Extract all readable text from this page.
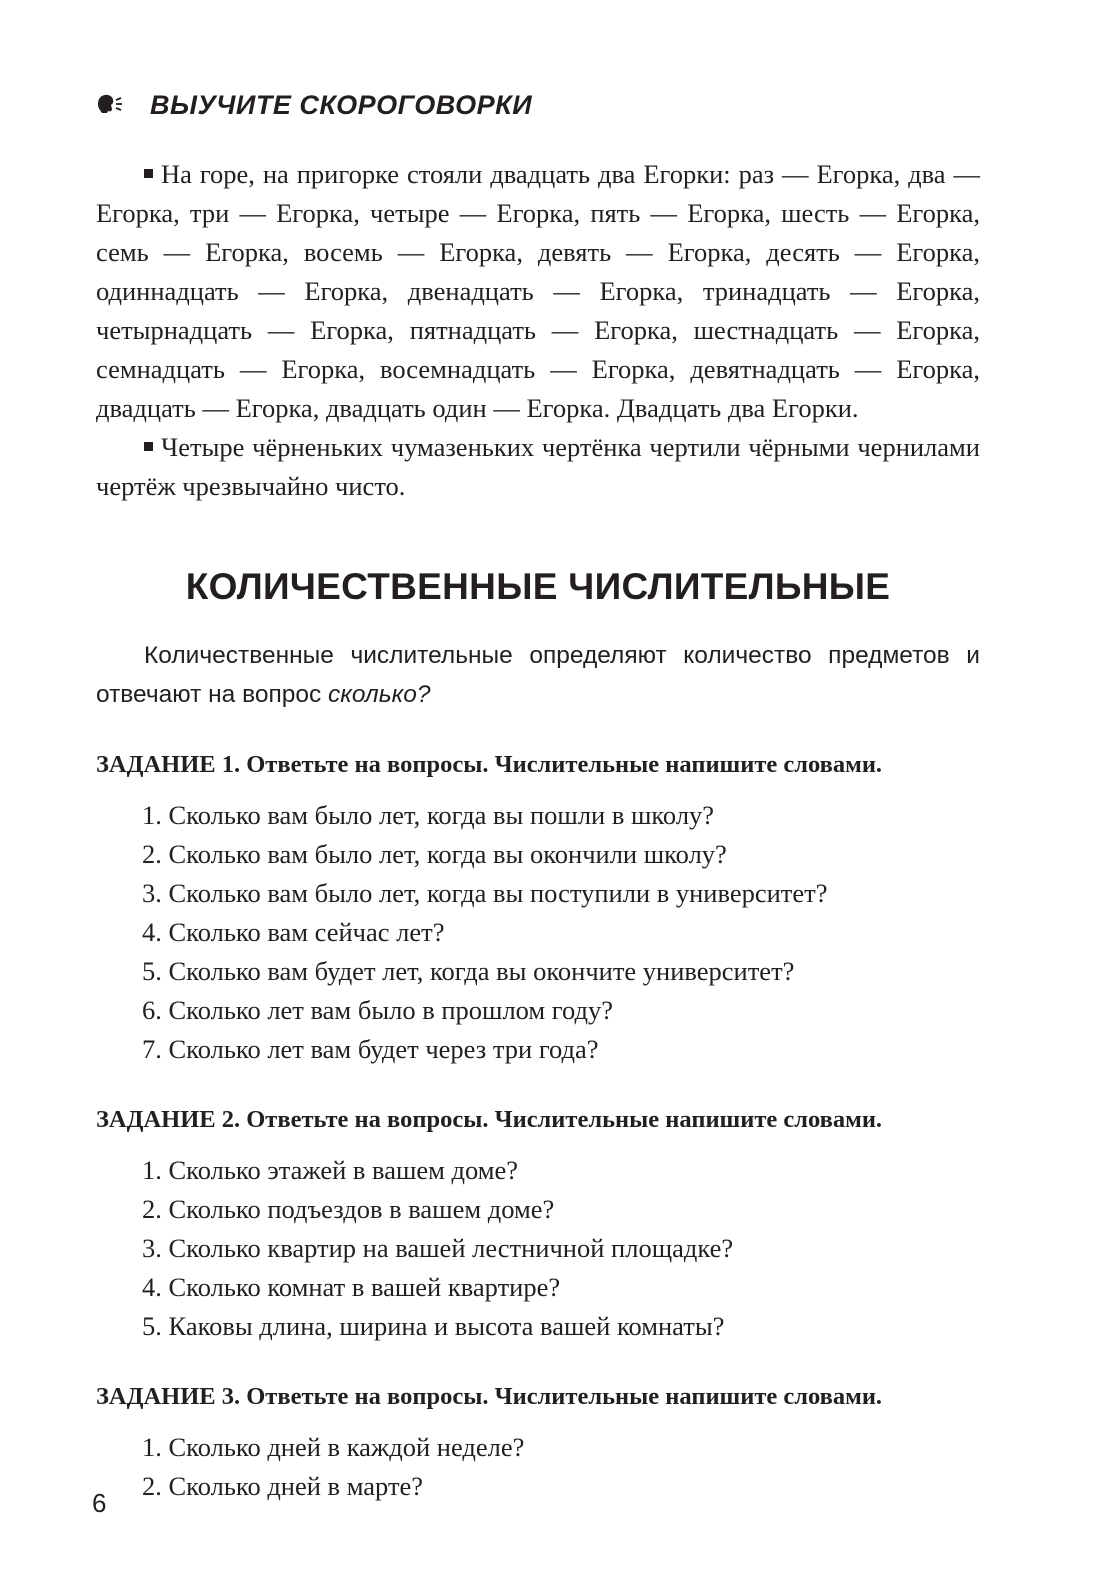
ВЫУЧИТЕ СКОРОГОВОРКИ

На горе, на пригорке стояли двадцать два Егорки: раз — Егорка, два — Егорка, три — Егорка, четыре — Егорка, пять — Егорка, шесть — Егорка, семь — Егорка, восемь — Егорка, девять — Егорка, десять — Егорка, одиннадцать — Егорка, двенадцать — Егорка, тринадцать — Егорка, четырнадцать — Егорка, пятнадцать — Егорка, шестнадцать — Егорка, семнадцать — Егорка, восемнадцать — Егорка, девятнадцать — Егорка, двадцать — Егорка, двадцать один — Егорка. Двадцать два Егорки.

Четыре чёрненьких чумазеньких чертёнка чертили чёрными чернилами чертёж чрезвычайно чисто.

КОЛИЧЕСТВЕННЫЕ ЧИСЛИТЕЛЬНЫЕ

Количественные числительные определяют количество предметов и отвечают на вопрос сколько?

ЗАДАНИЕ 1. Ответьте на вопросы. Числительные напишите словами.

1. Сколько вам было лет, когда вы пошли в школу?
2. Сколько вам было лет, когда вы окончили школу?
3. Сколько вам было лет, когда вы поступили в университет?
4. Сколько вам сейчас лет?
5. Сколько вам будет лет, когда вы окончите университет?
6. Сколько лет вам было в прошлом году?
7. Сколько лет вам будет через три года?

ЗАДАНИЕ 2. Ответьте на вопросы. Числительные напишите словами.

1. Сколько этажей в вашем доме?
2. Сколько подъездов в вашем доме?
3. Сколько квартир на вашей лестничной площадке?
4. Сколько комнат в вашей квартире?
5. Каковы длина, ширина и высота вашей комнаты?

ЗАДАНИЕ 3. Ответьте на вопросы. Числительные напишите словами.

1. Сколько дней в каждой неделе?
2. Сколько дней в марте?
6
